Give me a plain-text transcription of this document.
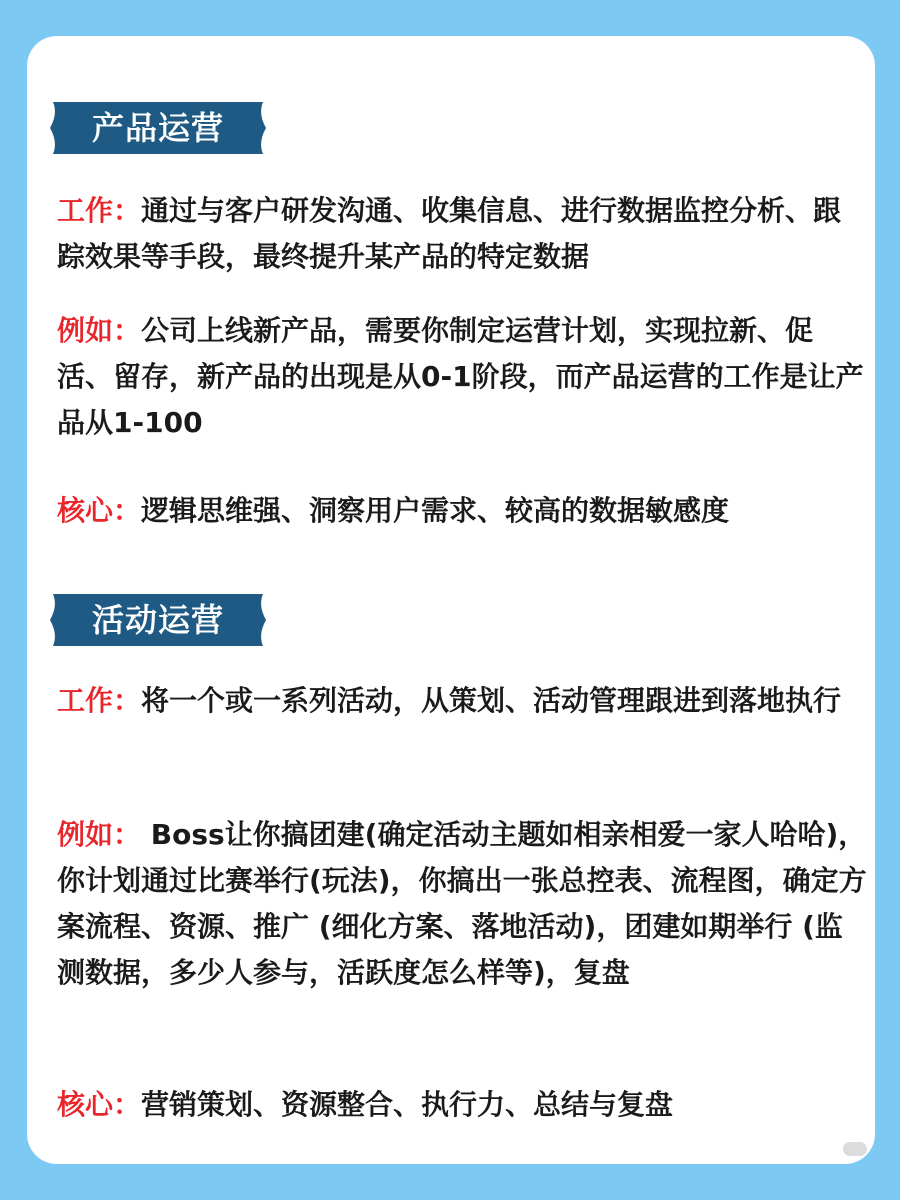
产品运营

工作：通过与客户研发沟通、收集信息、进行数据监控分析、跟踪效果等手段，最终提升某产品的特定数据

例如：公司上线新产品，需要你制定运营计划，实现拉新、促活、留存，新产品的出现是从0-1阶段，而产品运营的工作是让产品从1-100

核心：逻辑思维强、洞察用户需求、较高的数据敏感度

活动运营

工作：将一个或一系列活动，从策划、活动管理跟进到落地执行

例如： Boss让你搞团建(确定活动主题如相亲相爱一家人哈哈)，你计划通过比赛举行(玩法)，你搞出一张总控表、流程图，确定方案流程、资源、推广 (细化方案、落地活动)，团建如期举行 (监测数据，多少人参与，活跃度怎么样等)，复盘

核心：营销策划、资源整合、执行力、总结与复盘
